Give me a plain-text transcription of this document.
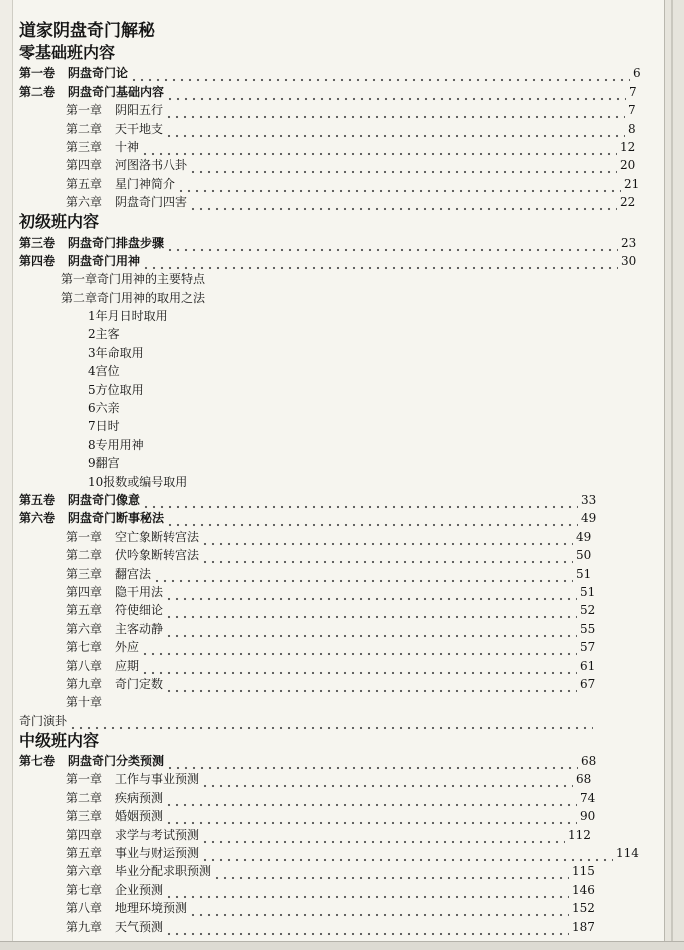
道家阴盘奇门解秘
零基础班内容
第一卷 阴盘奇门论	6
第二卷 阴盘奇门基础内容	7
第一章 阴阳五行	7
第二章 天干地支	8
第三章 十神	12
第四章 河图洛书八卦	20
第五章 星门神简介	21
第六章 阴盘奇门四害	22
初级班内容
第三卷 阴盘奇门排盘步骤	23
第四卷 阴盘奇门用神	30
第一章奇门用神的主要特点
第二章奇门用神的取用之法
1年月日时取用
2主客
3年命取用
4宫位
5方位取用
6六亲
7日时
8专用用神
9翻宫
10报数或编号取用
第五卷 阴盘奇门像意	33
第六卷 阴盘奇门断事秘法	49
第一章 空亡象断转宫法	49
第二章 伏吟象断转宫法	50
第三章 翻宫法	51
第四章 隐干用法	51
第五章 符使细论	52
第六章 主客动静	55
第七章 外应	57
第八章 应期	61
第九章 奇门定数	67
第十章
奇门演卦
中级班内容
第七卷 阴盘奇门分类预测	68
第一章 工作与事业预测	68
第二章 疾病预测	74
第三章 婚姻预测	90
第四章 求学与考试预测	112
第五章 事业与财运预测	114
第六章 毕业分配求职预测	115
第七章 企业预测	146
第八章 地理环境预测	152
第九章 天气预测	187
